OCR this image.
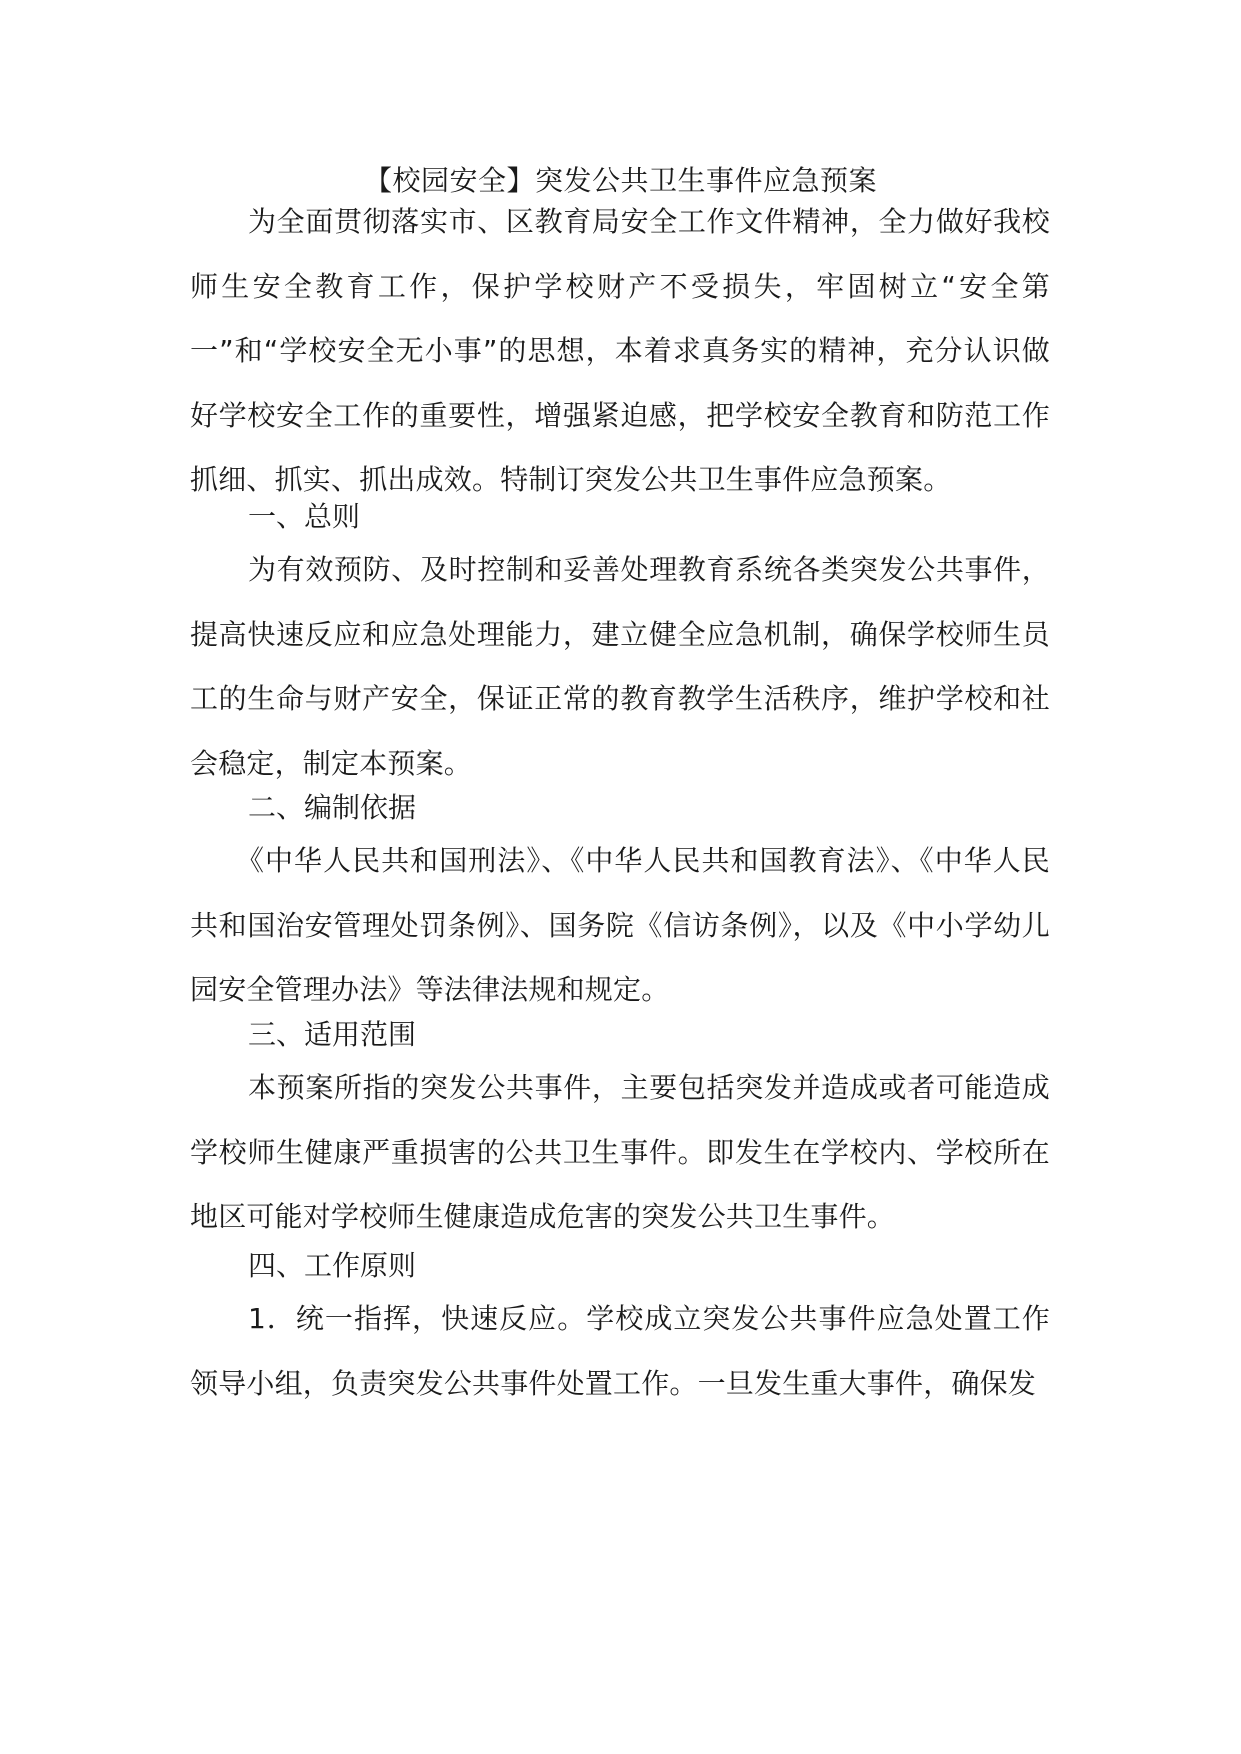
【校园安全】突发公共卫生事件应急预案
为全面贯彻落实市、区教育局安全工作文件精神，全力做好我校师生安全教育工作，保护学校财产不受损失，牢固树立“安全第一”和“学校安全无小事”的思想，本着求真务实的精神，充分认识做好学校安全工作的重要性，增强紧迫感，把学校安全教育和防范工作抓细、抓实、抓出成效。特制订突发公共卫生事件应急预案。
一、总则
为有效预防、及时控制和妥善处理教育系统各类突发公共事件，提高快速反应和应急处理能力，建立健全应急机制，确保学校师生员工的生命与财产安全，保证正常的教育教学生活秩序，维护学校和社会稳定，制定本预案。
二、编制依据
《中华人民共和国刑法》、《中华人民共和国教育法》、《中华人民共和国治安管理处罚条例》、国务院《信访条例》，以及《中小学幼儿园安全管理办法》等法律法规和规定。
三、适用范围
本预案所指的突发公共事件，主要包括突发并造成或者可能造成学校师生健康严重损害的公共卫生事件。即发生在学校内、学校所在地区可能对学校师生健康造成危害的突发公共卫生事件。
四、工作原则
1．统一指挥，快速反应。学校成立突发公共事件应急处置工作领导小组，负责突发公共事件处置工作。一旦发生重大事件，确保发
